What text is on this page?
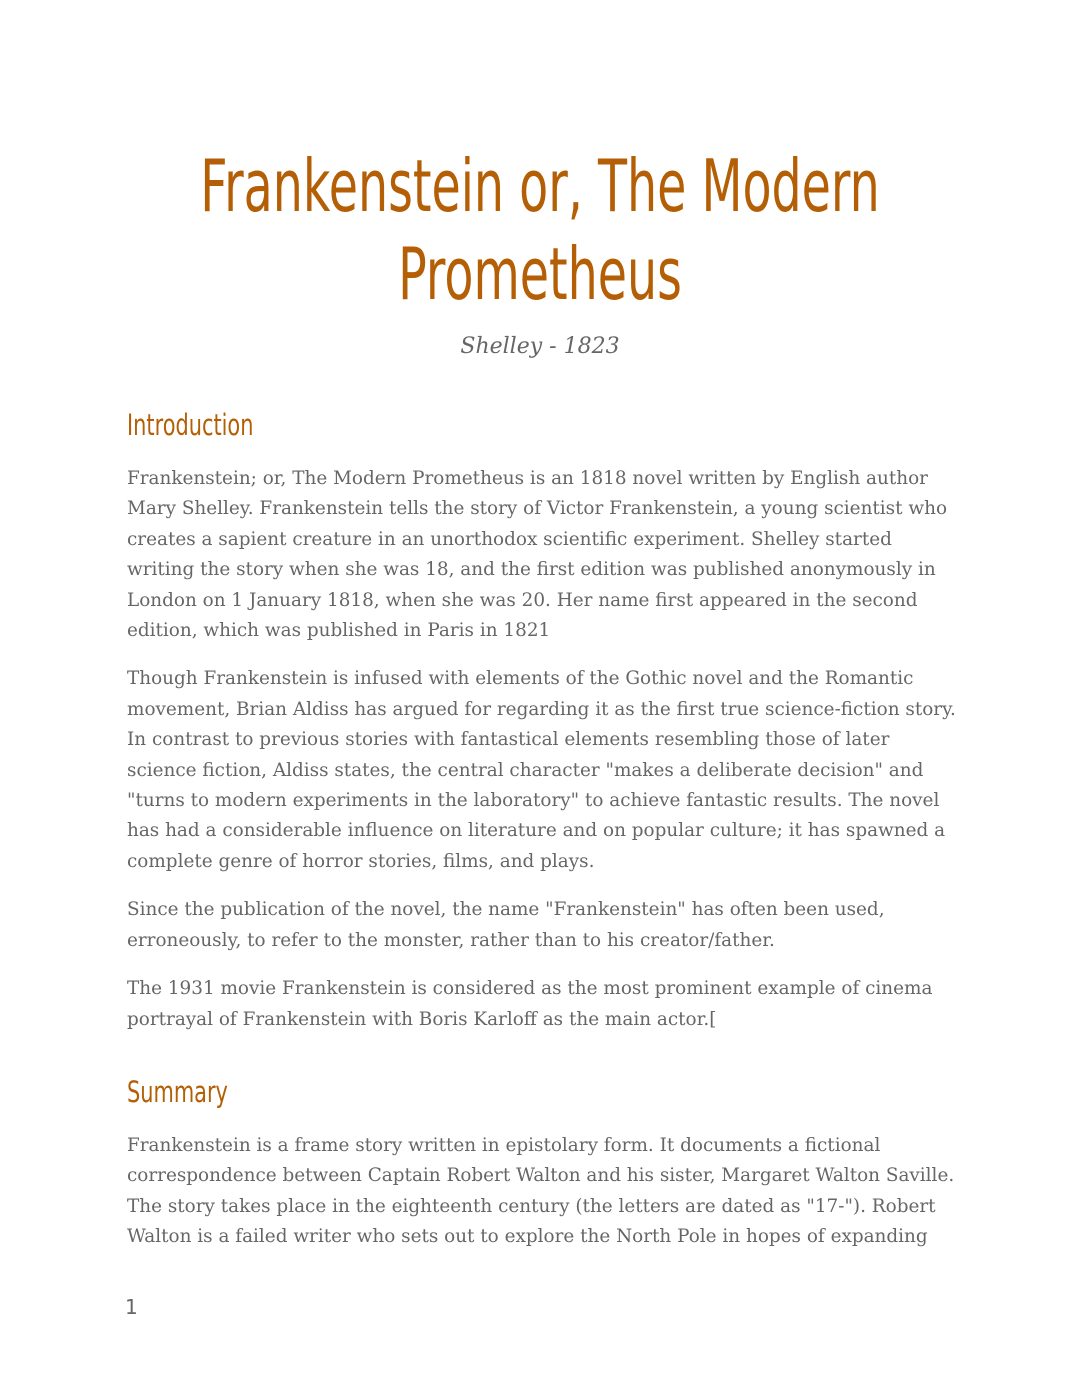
Frankenstein or, The Modern Prometheus

Shelley - 1823

Introduction

Frankenstein; or, The Modern Prometheus is an 1818 novel written by English author Mary Shelley. Frankenstein tells the story of Victor Frankenstein, a young scientist who creates a sapient creature in an unorthodox scientific experiment. Shelley started writing the story when she was 18, and the first edition was published anonymously in London on 1 January 1818, when she was 20. Her name first appeared in the second edition, which was published in Paris in 1821

Though Frankenstein is infused with elements of the Gothic novel and the Romantic movement, Brian Aldiss has argued for regarding it as the first true science-fiction story. In contrast to previous stories with fantastical elements resembling those of later science fiction, Aldiss states, the central character "makes a deliberate decision" and "turns to modern experiments in the laboratory" to achieve fantastic results. The novel has had a considerable influence on literature and on popular culture; it has spawned a complete genre of horror stories, films, and plays.

Since the publication of the novel, the name "Frankenstein" has often been used, erroneously, to refer to the monster, rather than to his creator/father.

The 1931 movie Frankenstein is considered as the most prominent example of cinema portrayal of Frankenstein with Boris Karloff as the main actor.[

Summary

Frankenstein is a frame story written in epistolary form. It documents a fictional correspondence between Captain Robert Walton and his sister, Margaret Walton Saville. The story takes place in the eighteenth century (the letters are dated as "17-"). Robert Walton is a failed writer who sets out to explore the North Pole in hopes of expanding

1
